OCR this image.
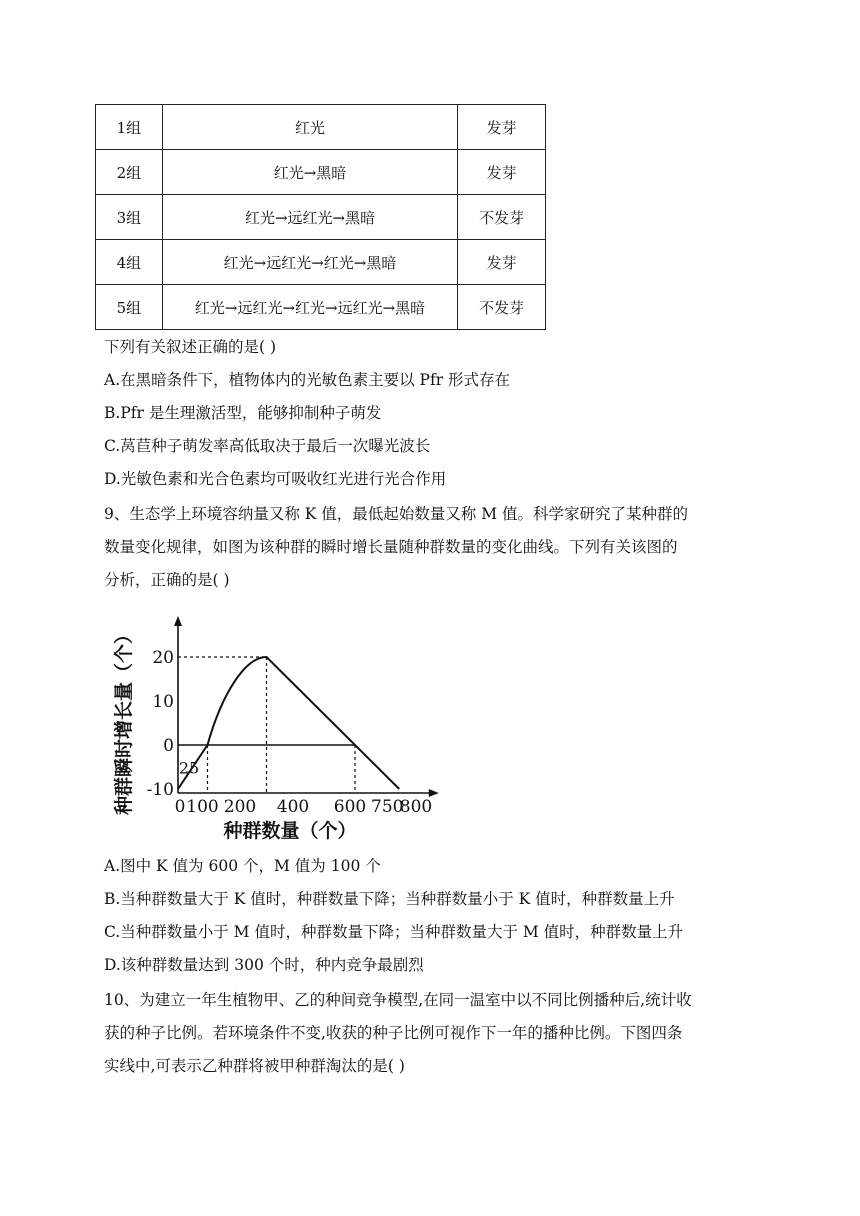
1组	红光	发芽
2组	红光→黑暗	发芽
3组	红光→远红光→黑暗	不发芽
4组	红光→远红光→红光→黑暗	发芽
5组	红光→远红光→红光→远红光→黑暗	不发芽
下列有关叙述正确的是( )
A.在黑暗条件下，植物体内的光敏色素主要以 Pfr 形式存在
B.Pfr 是生理激活型，能够抑制种子萌发
C.莴苣种子萌发率高低取决于最后一次曝光波长
D.光敏色素和光合色素均可吸收红光进行光合作用
9、生态学上环境容纳量又称 K 值，最低起始数量又称 M 值。科学家研究了某种群的
数量变化规律，如图为该种群的瞬时增长量随种群数量的变化曲线。下列有关该图的
分析，正确的是( )
20
10
0
-10
0 100 200 400 600 750
800
25
种群数量（个）
种群瞬时增长量（个）
A.图中 K 值为 600 个，M 值为 100 个
B.当种群数量大于 K 值时，种群数量下降；当种群数量小于 K 值时，种群数量上升
C.当种群数量小于 M 值时，种群数量下降；当种群数量大于 M 值时，种群数量上升
D.该种群数量达到 300 个时，种内竞争最剧烈
10、为建立一年生植物甲、乙的种间竞争模型,在同一温室中以不同比例播种后,统计收
获的种子比例。若环境条件不变,收获的种子比例可视作下一年的播种比例。下图四条
实线中,可表示乙种群将被甲种群淘汰的是( )
